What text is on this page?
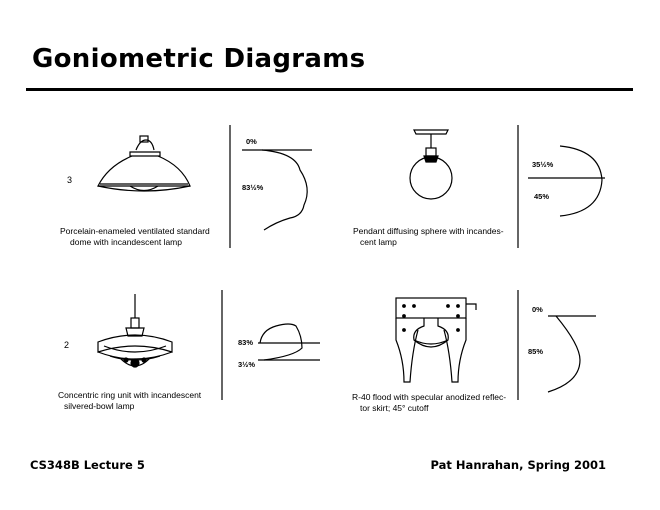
Goniometric Diagrams
3
0%
83½%
Porcelain-enameled ventilated standard
dome with incandescent lamp
35½%
45%
Pendant diffusing sphere with incandes-
cent lamp
2	83%
3½%
Concentric ring unit with incandescent
silvered-bowl lamp
0%
85%
R-40 flood with specular anodized reflec-
tor skirt; 45° cutoff
CS348B Lecture 5	Pat Hanrahan, Spring 2001
